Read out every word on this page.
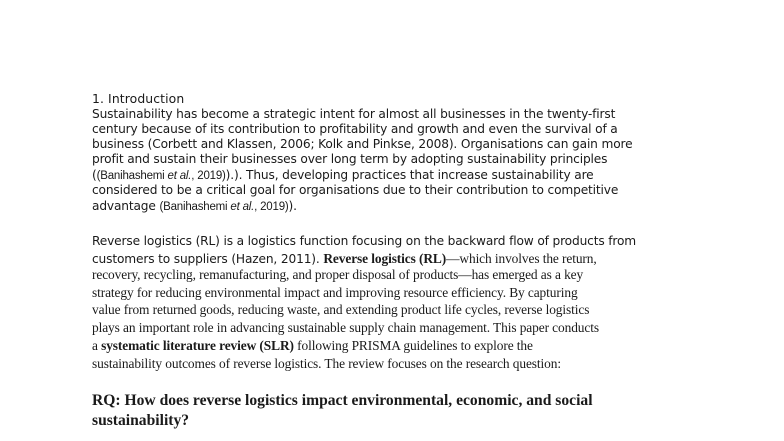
1. Introduction
Sustainability has become a strategic intent for almost all businesses in the twenty-first
century because of its contribution to profitability and growth and even the survival of a
business (Corbett and Klassen, 2006; Kolk and Pinkse, 2008). Organisations can gain more
profit and sustain their businesses over long term by adopting sustainability principles
((Banihashemi et al., 2019)).). Thus, developing practices that increase sustainability are
considered to be a critical goal for organisations due to their contribution to competitive
advantage (Banihashemi et al., 2019)).
Reverse logistics (RL) is a logistics function focusing on the backward flow of products from
customers to suppliers (Hazen, 2011). Reverse logistics (RL)—which involves the return,
recovery, recycling, remanufacturing, and proper disposal of products—has emerged as a key
strategy for reducing environmental impact and improving resource efficiency. By capturing
value from returned goods, reducing waste, and extending product life cycles, reverse logistics
plays an important role in advancing sustainable supply chain management. This paper conducts
a systematic literature review (SLR) following PRISMA guidelines to explore the
sustainability outcomes of reverse logistics. The review focuses on the research question:
RQ: How does reverse logistics impact environmental, economic, and social
sustainability?
